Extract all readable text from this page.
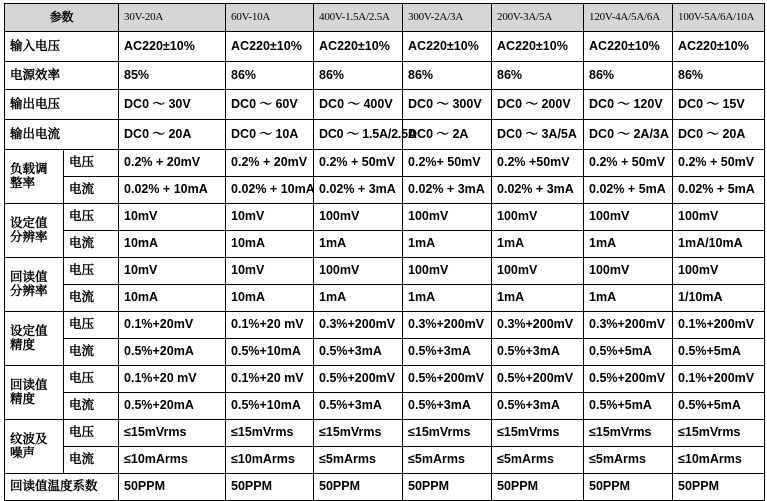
参数		30V-20A	60V-10A	400V-1.5A/2.5A	300V-2A/3A	200V-3A/5A	120V-4A/5A/6A	100V-5A/6A/10A
输入电压		AC220±10%	AC220±10%	AC220±10%	AC220±10%	AC220±10%	AC220±10%	AC220±10%
电源效率		85%	86%	86%	86%	86%	86%	86%
输出电压		DC0 ～ 30V	DC0 ～ 60V	DC0 ～ 400V	DC0 ～ 300V	DC0 ～ 200V	DC0 ～ 120V	DC0 ～ 15V
输出电流		DC0 ～ 20A	DC0 ～ 10A	DC0 ～ 1.5A/2.5A	DC0 ～ 2A	DC0 ～ 3A/5A	DC0 ～ 2A/3A	DC0 ～ 20A
负载调
整率	电压	0.2% + 20mV	0.2% + 20mV	0.2% + 50mV	0.2%+ 50mV	0.2% +50mV	0.2% + 50mV	0.2% + 50mV
	电流	0.02% + 10mA	0.02% + 10mA	0.02% + 3mA	0.02% + 3mA	0.02% + 3mA	0.02% + 5mA	0.02% + 5mA
设定值
分辨率	电压	10mV	10mV	100mV	100mV	100mV	100mV	100mV
	电流	10mA	10mA	1mA	1mA	1mA	1mA	1mA/10mA
回读值
分辨率	电压	10mV	10mV	100mV	100mV	100mV	100mV	100mV
	电流	10mA	10mA	1mA	1mA	1mA	1mA	1/10mA
设定值
精度	电压	0.1%+20mV	0.1%+20 mV	0.3%+200mV	0.3%+200mV	0.3%+200mV	0.3%+200mV	0.1%+200mV
	电流	0.5%+20mA	0.5%+10mA	0.5%+3mA	0.5%+3mA	0.5%+3mA	0.5%+5mA	0.5%+5mA
回读值
精度	电压	0.1%+20 mV	0.1%+20 mV	0.5%+200mV	0.5%+200mV	0.5%+200mV	0.5%+200mV	0.1%+200mV
	电流	0.5%+20mA	0.5%+10mA	0.5%+3mA	0.5%+3mA	0.5%+3mA	0.5%+5mA	0.5%+5mA
纹波及
噪声	电压	≤15mVrms	≤15mVrms	≤15mVrms	≤15mVrms	≤15mVrms	≤15mVrms	≤15mVrms
	电流	≤10mArms	≤10mArms	≤5mArms	≤5mArms	≤5mArms	≤5mArms	≤10mArms
回读值温度系数		50PPM	50PPM	50PPM	50PPM	50PPM	50PPM	50PPM
